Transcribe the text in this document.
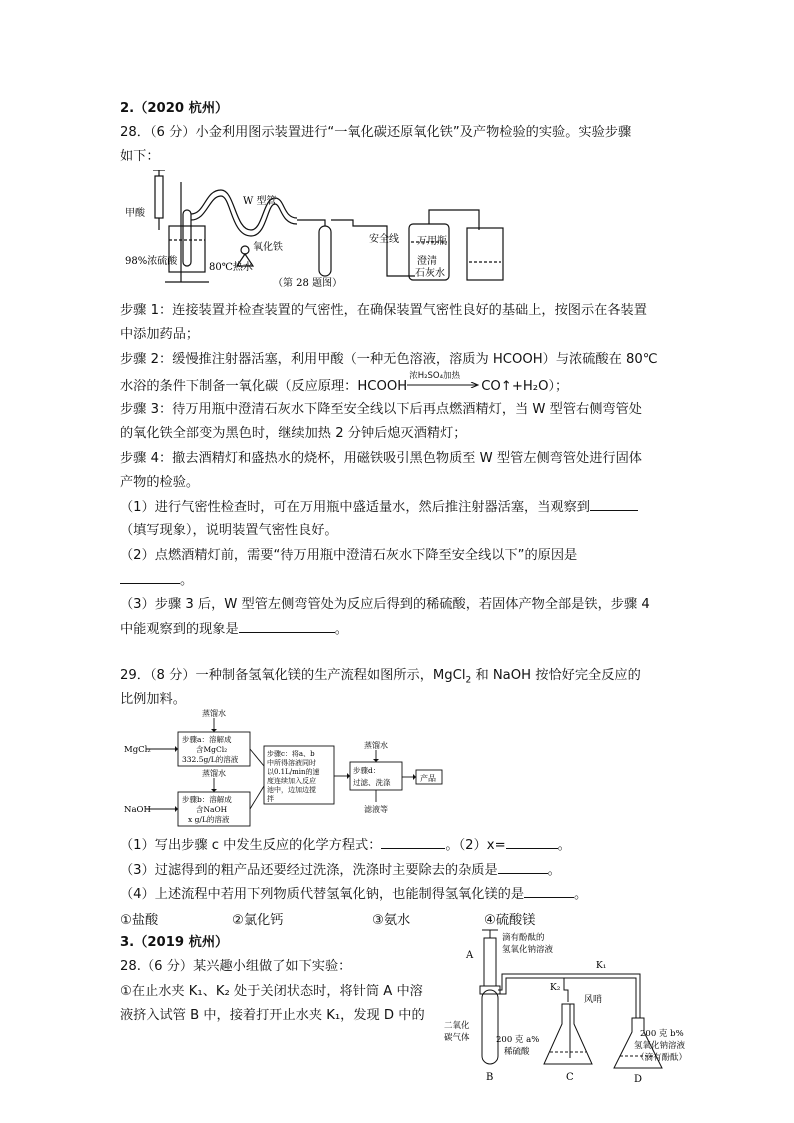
2.（2020 杭州）
28．（6 分）小金利用图示装置进行“一氧化碳还原氧化铁”及产物检验的实验。实验步骤
如下：
甲酸
98%浓硫酸
80℃热水
W 型管
氧化铁
安全线 万用瓶
澄清
石灰水
（第 28 题图）
步骤 1：连接装置并检查装置的气密性，在确保装置气密性良好的基础上，按图示在各装置
中添加药品；
步骤 2：缓慢推注射器活塞，利用甲酸（一种无色溶液，溶质为 HCOOH）与浓硫酸在 80℃
水浴的条件下制备一氧化碳（反应原理：HCOOH
浓H₂SO₄加热
CO↑+H₂O）；
步骤 3：待万用瓶中澄清石灰水下降至安全线以下后再点燃酒精灯，当 W 型管右侧弯管处
的氧化铁全部变为黑色时，继续加热 2 分钟后熄灭酒精灯；
步骤 4：撤去酒精灯和盛热水的烧杯，用磁铁吸引黑色物质至 W 型管左侧弯管处进行固体
产物的检验。
（1）进行气密性检查时，可在万用瓶中盛适量水，然后推注射器活塞，当观察到
（填写现象），说明装置气密性良好。
（2）点燃酒精灯前，需要“待万用瓶中澄清石灰水下降至安全线以下”的原因是
。
（3）步骤 3 后，W 型管左侧弯管处为反应后得到的稀硫酸，若固体产物全部是铁，步骤 4
中能观察到的现象是	。
29．（8 分）一种制备氢氧化镁的生产流程如图所示，MgCl$_2$ 和 NaOH 按恰好完全反应的
比例加料。
蒸馏水
蒸馏水
蒸馏水
MgCl₂
NaOH
步骤a：溶解成
含MgCl₂
332.5g/L的溶液
步骤b：溶解成
含NaOH
x g/L的溶液
步骤c：将a、b
中所得溶液同时
以0.1L/min的速
度连续加入反应
池中，边加边搅
拌
步骤d：
过滤、洗涤	产品
滤液等
（1）写出步骤 c 中发生反应的化学方程式：	。（2）x=	。
（3）过滤得到的粗产品还要经过洗涤，洗涤时主要除去的杂质是	。
（4）上述流程中若用下列物质代替氢氧化钠，也能制得氢氧化镁的是	。
①盐酸	②氯化钙	③氨水	④硫酸镁
3.（2019 杭州）
28.（6 分）某兴趣小组做了如下实验：
①在止水夹 K₁、K₂ 处于关闭状态时，将针筒 A 中溶
液挤入试管 B 中，接着打开止水夹 K₁，发现 D 中的
A
滴有酚酞的
氢氧化钠溶液
K₁
K₂
风哨
二氧化
碳气体	200 克 a%
稀硫酸
B	C	D
200 克 b%
氢氧化钠溶液
（滴有酚酞）
